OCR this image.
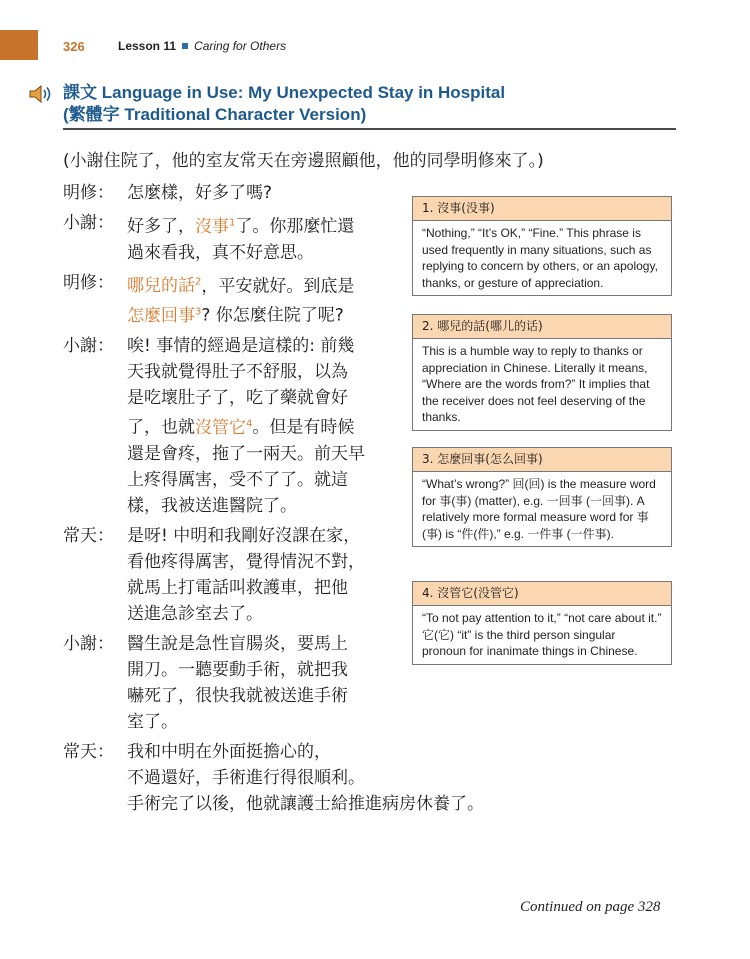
326	Lesson 11 Caring for Others
課文 Language in Use: My Unexpected Stay in Hospital
(繁體字 Traditional Character Version)
(小謝住院了，他的室友常天在旁邊照顧他，他的同學明修來了。)
明修： 怎麼樣，好多了嗎?
小謝： 好多了，沒事$^1$了。你那麼忙還
過來看我，真不好意思。
明修： 哪兒的話$^2$，平安就好。到底是
怎麼回事$^3$? 你怎麼住院了呢?
小謝： 唉! 事情的經過是這樣的: 前幾
天我就覺得肚子不舒服，以為
是吃壞肚子了，吃了藥就會好
了，也就沒管它$^4$。但是有時候
還是會疼，拖了一兩天。前天早
上疼得厲害，受不了了。就這
樣，我被送進醫院了。
常天： 是呀! 中明和我剛好沒課在家，
看他疼得厲害，覺得情況不對，
就馬上打電話叫救護車，把他
送進急診室去了。
小謝： 醫生說是急性盲腸炎，要馬上
開刀。一聽要動手術，就把我
嚇死了，很快我就被送進手術
室了。
常天： 我和中明在外面挺擔心的，
不過還好，手術進行得很順利。
手術完了以後，他就讓護士給推進病房休養了。
1. 沒事(没事)
“Nothing,” “It’s OK,” “Fine.” This phrase is used frequently in many situations, such as replying to concern by others, or an apology, thanks, or gesture of appreciation.
2. 哪兒的話(哪儿的话)
This is a humble way to reply to thanks or appreciation in Chinese. Literally it means, “Where are the words from?” It implies that the receiver does not feel deserving of the thanks.
3. 怎麼回事(怎么回事)
“What’s wrong?” 回(回) is the measure word for 事(事) (matter), e.g. 一回事 (一回事). A relatively more formal measure word for 事(事) is “件(件),” e.g. 一件事 (一件事).
4. 沒管它(没管它)
“To not pay attention to it,” “not care about it.” 它(它) “it” is the third person singular pronoun for inanimate things in Chinese.
Continued on page 328
